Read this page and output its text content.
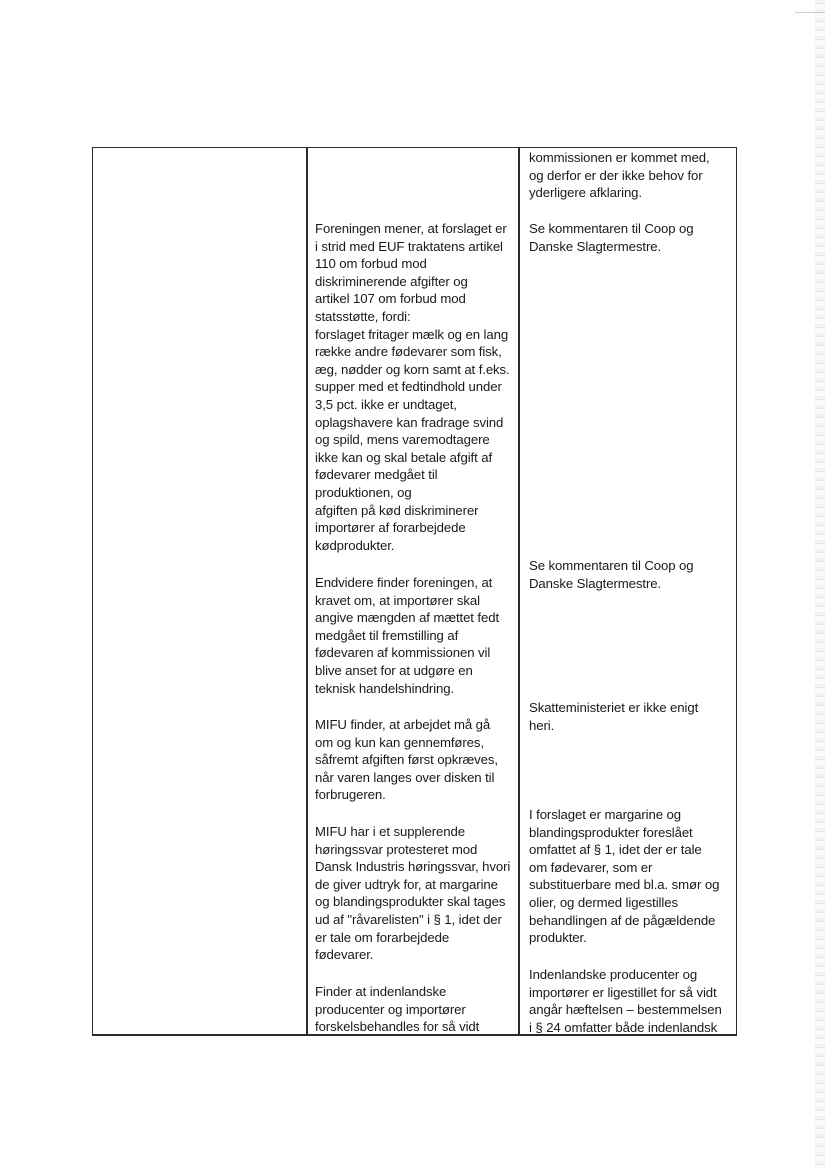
kommissionen er kommet med,
og derfor er der ikke behov for
yderligere afklaring.
Foreningen mener, at forslaget er
i strid med EUF traktatens artikel
110 om forbud mod
diskriminerende afgifter og
artikel 107 om forbud mod
statsstøtte, fordi:
forslaget fritager mælk og en lang
række andre fødevarer som fisk,
æg, nødder og korn samt at f.eks.
supper med et fedtindhold under
3,5 pct. ikke er undtaget,
oplagshavere kan fradrage svind
og spild, mens varemodtagere
ikke kan og skal betale afgift af
fødevarer medgået til
produktionen, og
afgiften på kød diskriminerer
importører af forarbejdede
kødprodukter.
Se kommentaren til Coop og
Danske Slagtermestre.
Endvidere finder foreningen, at
kravet om, at importører skal
angive mængden af mættet fedt
medgået til fremstilling af
fødevaren af kommissionen vil
blive anset for at udgøre en
teknisk handelshindring.
Se kommentaren til Coop og
Danske Slagtermestre.
MIFU finder, at arbejdet må gå
om og kun kan gennemføres,
såfremt afgiften først opkræves,
når varen langes over disken til
forbrugeren.
Skatteministeriet er ikke enigt
heri.
MIFU har i et supplerende
høringssvar protesteret mod
Dansk Industris høringssvar, hvori
de giver udtryk for, at margarine
og blandingsprodukter skal tages
ud af "råvarelisten" i § 1, idet der
er tale om forarbejdede
fødevarer.
I forslaget er margarine og
blandingsprodukter foreslået
omfattet af § 1, idet der er tale
om fødevarer, som er
substituerbare med bl.a. smør og
olier, og dermed ligestilles
behandlingen af de pågældende
produkter.
Finder at indenlandske
producenter og importører
forskelsbehandles for så vidt
Indenlandske producenter og
importører er ligestillet for så vidt
angår hæftelsen – bestemmelsen
i § 24 omfatter både indenlandsk
